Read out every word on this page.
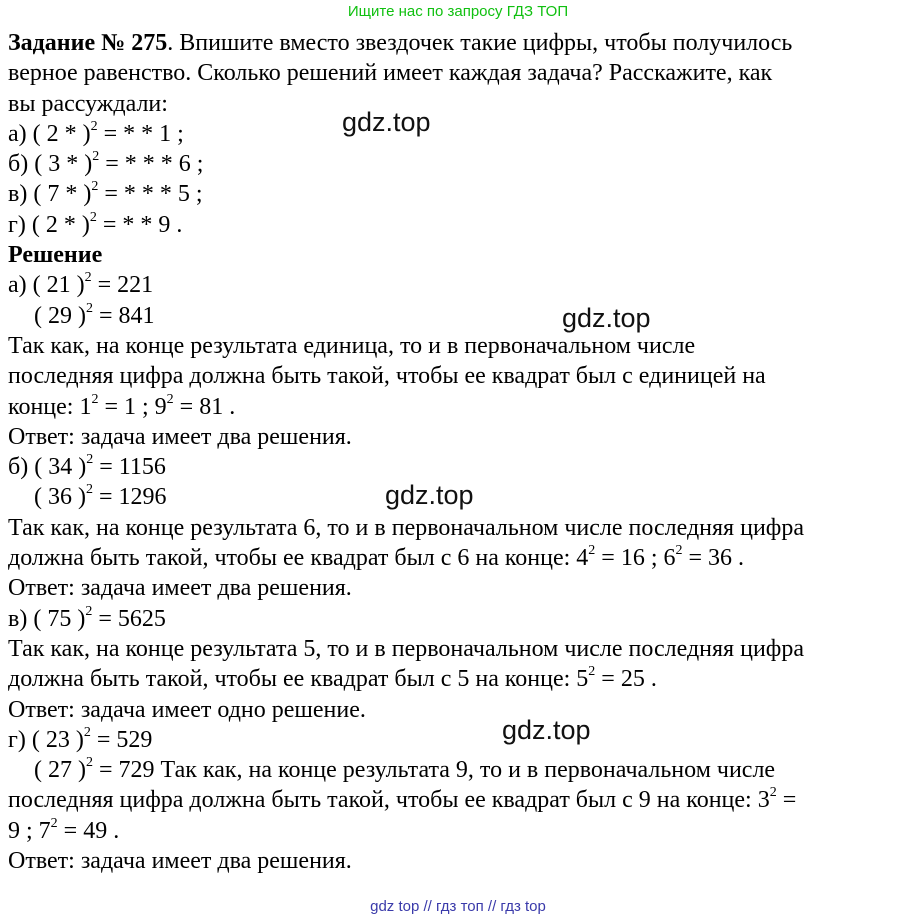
Ищите нас по запросу ГДЗ ТОП
Задание № 275. Впишите вместо звездочек такие цифры, чтобы получилось
верное равенство. Сколько решений имеет каждая задача? Расскажите, как
вы рассуждали:
а) ( 2 * )$^2$ = * * 1 ;
б) ( 3 * )$^2$ = * * * 6 ;
в) ( 7 * )$^2$ = * * * 5 ;
г) ( 2 * )$^2$ = * * 9 .
Решение
а) ( 21 )$^2$ = 221
( 29 )$^2$ = 841
Так как, на конце результата единица, то и в первоначальном числе
последняя цифра должна быть такой, чтобы ее квадрат был с единицей на
конце: $1^2 = 1$ ; $9^2 = 81$ .
Ответ: задача имеет два решения.
б) ( 34 )$^2$ = 1156
( 36 )$^2$ = 1296
Так как, на конце результата 6, то и в первоначальном числе последняя цифра
должна быть такой, чтобы ее квадрат был с 6 на конце: $4^2 = 16$ ; $6^2 = 36$ .
Ответ: задача имеет два решения.
в) ( 75 )$^2$ = 5625
Так как, на конце результата 5, то и в первоначальном числе последняя цифра
должна быть такой, чтобы ее квадрат был с 5 на конце: $5^2 = 25$ .
Ответ: задача имеет одно решение.
г) ( 23 )$^2$ = 529
( 27 )$^2$ = 729 Так как, на конце результата 9, то и в первоначальном числе
последняя цифра должна быть такой, чтобы ее квадрат был с 9 на конце: $3^2$ =
9 ; $7^2 = 49$ .
Ответ: задача имеет два решения.
gdz.top
gdz.top
gdz.top
gdz.top
gdz top // гдз топ // гдз top
